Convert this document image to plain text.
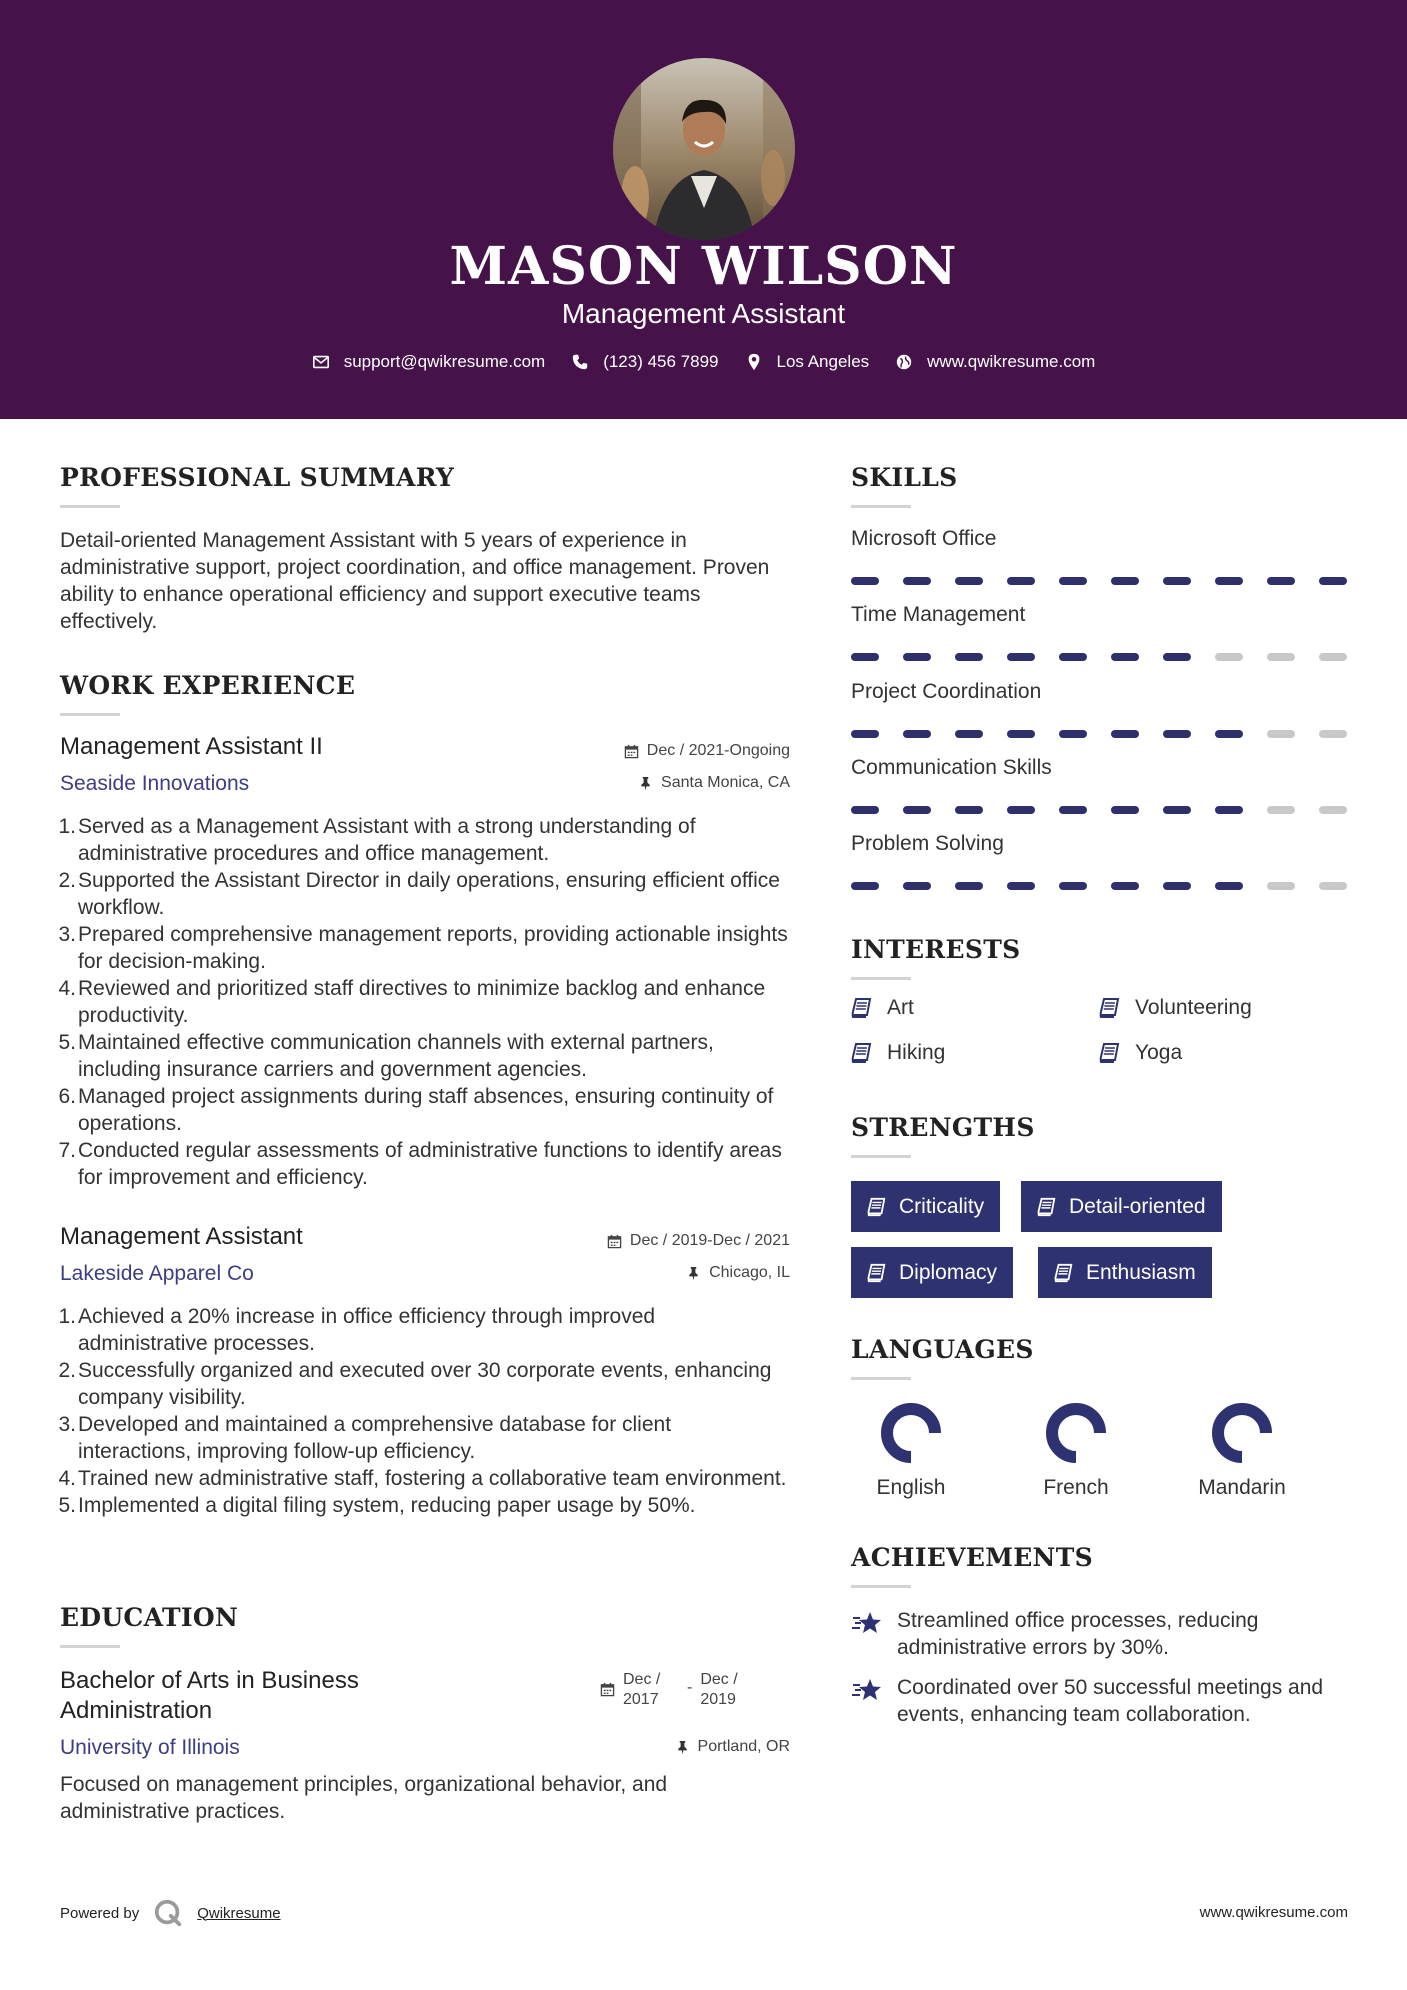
MASON WILSON
Management Assistant
support@qwikresume.com	(123) 456 7899	Los Angeles	www.qwikresume.com
PROFESSIONAL SUMMARY
Detail-oriented Management Assistant with 5 years of experience in administrative support, project coordination, and office management. Proven ability to enhance operational efficiency and support executive teams effectively.
WORK EXPERIENCE
Management Assistant II	Dec / 2021-Ongoing
Seaside Innovations	Santa Monica, CA
1. Served as a Management Assistant with a strong understanding of administrative procedures and office management.
2. Supported the Assistant Director in daily operations, ensuring efficient office workflow.
3. Prepared comprehensive management reports, providing actionable insights for decision-making.
4. Reviewed and prioritized staff directives to minimize backlog and enhance productivity.
5. Maintained effective communication channels with external partners, including insurance carriers and government agencies.
6. Managed project assignments during staff absences, ensuring continuity of operations.
7. Conducted regular assessments of administrative functions to identify areas for improvement and efficiency.
Management Assistant	Dec / 2019-Dec / 2021
Lakeside Apparel Co	Chicago, IL
1. Achieved a 20% increase in office efficiency through improved administrative processes.
2. Successfully organized and executed over 30 corporate events, enhancing company visibility.
3. Developed and maintained a comprehensive database for client interactions, improving follow-up efficiency.
4. Trained new administrative staff, fostering a collaborative team environment.
5. Implemented a digital filing system, reducing paper usage by 50%.
EDUCATION
Bachelor of Arts in Business Administration
Dec / 2017
- Dec / 2019
University of Illinois	Portland, OR
Focused on management principles, organizational behavior, and administrative practices.
SKILLS
Microsoft Office
Time Management
Project Coordination
Communication Skills
Problem Solving
INTERESTS
Art	Volunteering
Hiking	Yoga
STRENGTHS
Criticality	Detail-oriented
Diplomacy	Enthusiasm
LANGUAGES
English	French	Mandarin
ACHIEVEMENTS
Streamlined office processes, reducing administrative errors by 30%.
Coordinated over 50 successful meetings and events, enhancing team collaboration.
Powered by	Qwikresume	www.qwikresume.com
